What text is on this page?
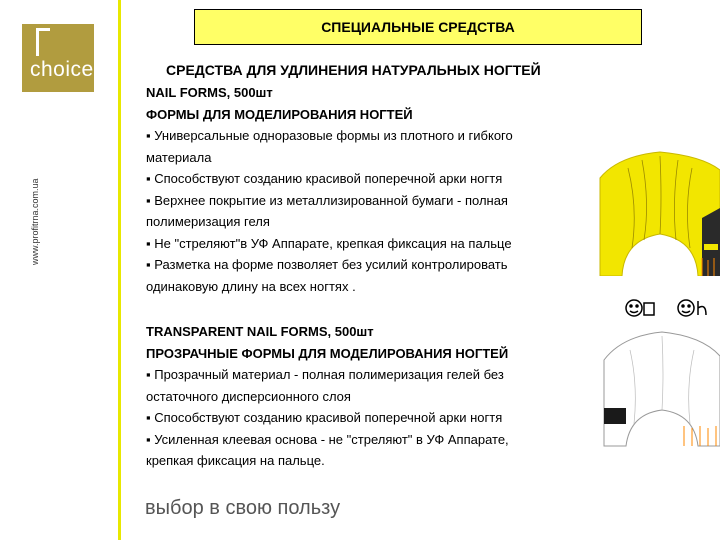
choice
www.profitrna.com.ua
СПЕЦИАЛЬНЫЕ СРЕДСТВА
СРЕДСТВА ДЛЯ УДЛИНЕНИЯ НАТУРАЛЬНЫХ НОГТЕЙ
NAIL FORMS, 500шт
ФОРМЫ ДЛЯ МОДЕЛИРОВАНИЯ НОГТЕЙ
▪ Универсальные одноразовые формы из плотного и гибкого
материала
▪ Способствуют созданию красивой поперечной арки ногтя
▪ Верхнее покрытие из металлизированной бумаги - полная
полимеризация геля
▪ Не "стреляют"в УФ Аппарате, крепкая фиксация на пальце
▪ Разметка на форме позволяет без усилий контролировать
одинаковую длину на всех ногтях .
TRANSPARENT NAIL FORMS, 500шт
ПРОЗРАЧНЫЕ ФОРМЫ ДЛЯ МОДЕЛИРОВАНИЯ НОГТЕЙ
▪ Прозрачный материал - полная полимеризация гелей без
остаточного дисперсионного слоя
▪ Способствуют созданию красивой поперечной арки ногтя
▪ Усиленная клеевая основа - не "стреляют" в УФ Аппарате,
крепкая фиксация на пальце.
выбор в свою пользу
